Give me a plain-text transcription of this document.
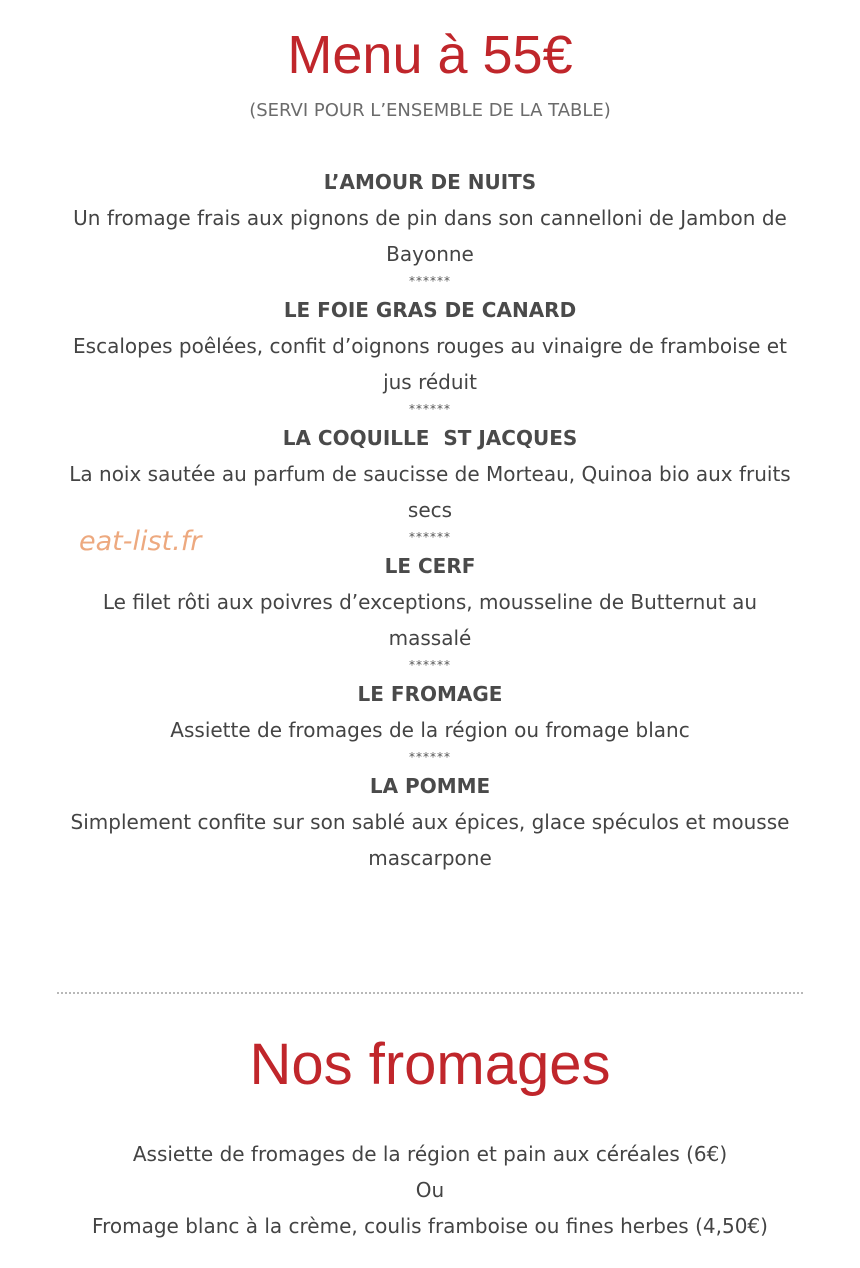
Menu à 55€

(SERVI POUR L’ENSEMBLE DE LA TABLE)

L’AMOUR DE NUITS

Un fromage frais aux pignons de pin dans son cannelloni de Jambon de
Bayonne

******

LE FOIE GRAS DE CANARD

Escalopes poêlées, confit d’oignons rouges au vinaigre de framboise et
jus réduit

******

LA COQUILLE  ST JACQUES

La noix sautée au parfum de saucisse de Morteau, Quinoa bio aux fruits
secs

******

LE CERF

Le filet rôti aux poivres d’exceptions, mousseline de Butternut au
massalé

******

LE FROMAGE

Assiette de fromages de la région ou fromage blanc

******

LA POMME

Simplement confite sur son sablé aux épices, glace spéculos et mousse
mascarpone

eat-list.fr
Nos fromages

Assiette de fromages de la région et pain aux céréales (6€)

Ou

Fromage blanc à la crème, coulis framboise ou fines herbes (4,50€)
